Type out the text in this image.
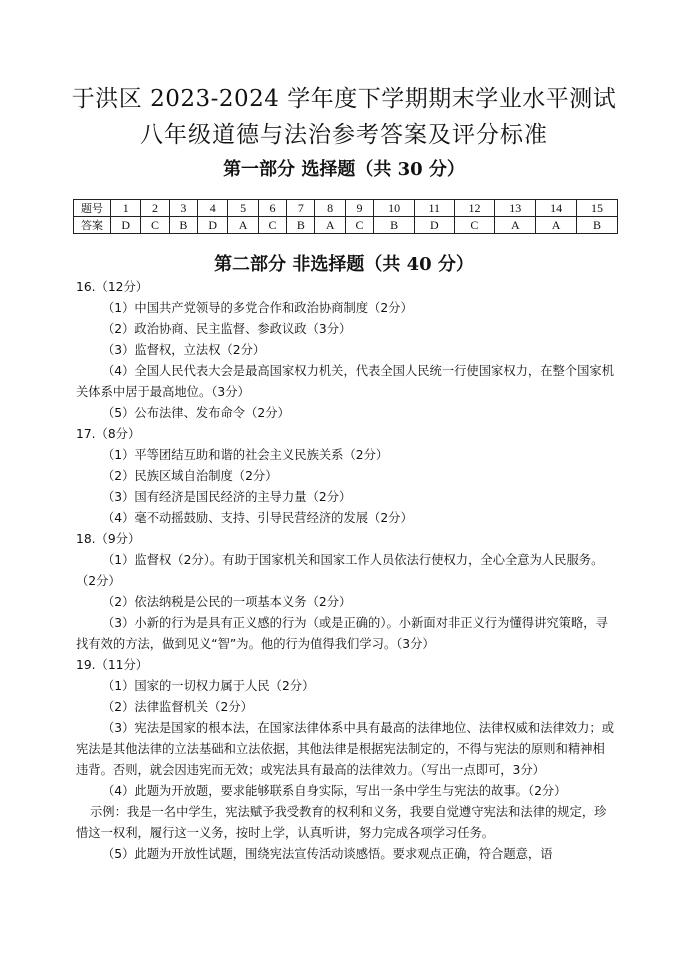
于洪区 2023-2024 学年度下学期期末学业水平测试
八年级道德与法治参考答案及评分标准
第一部分 选择题（共 30 分）
题号	1	2	3	4	5	6	7	8	9	10	11	12	13	14	15
答案	D	C	B	D	A	C	B	A	C	B	D	C	A	A	B
第二部分 非选择题（共 40 分）

16.（12分）

（1）中国共产党领导的多党合作和政治协商制度（2分）

（2）政治协商、民主监督、参政议政（3分）

（3）监督权，立法权（2分）

（4）全国人民代表大会是最高国家权力机关，代表全国人民统一行使国家权力，在整个国家机关体系中居于最高地位。（3分）

（5）公布法律、发布命令（2分）

17.（8分）

（1）平等团结互助和谐的社会主义民族关系（2分）

（2）民族区域自治制度（2分）

（3）国有经济是国民经济的主导力量（2分）

（4）毫不动摇鼓励、支持、引导民营经济的发展（2分）

18.（9分）

（1）监督权（2分）。有助于国家机关和国家工作人员依法行使权力，全心全意为人民服务。（2分）

（2）依法纳税是公民的一项基本义务（2分）

（3）小新的行为是具有正义感的行为（或是正确的）。小新面对非正义行为懂得讲究策略，寻找有效的方法，做到见义“智”为。他的行为值得我们学习。（3分）

19.（11分）

（1）国家的一切权力属于人民（2分）

（2）法律监督机关（2分）

（3）宪法是国家的根本法，在国家法律体系中具有最高的法律地位、法律权威和法律效力；或宪法是其他法律的立法基础和立法依据，其他法律是根据宪法制定的，不得与宪法的原则和精神相违背。否则，就会因违宪而无效；或宪法具有最高的法律效力。（写出一点即可，3分）

（4）此题为开放题，要求能够联系自身实际，写出一条中学生与宪法的故事。（2分）

示例：我是一名中学生，宪法赋予我受教育的权利和义务，我要自觉遵守宪法和法律的规定，珍惜这一权利，履行这一义务，按时上学，认真听讲，努力完成各项学习任务。

（5）此题为开放性试题，围绕宪法宣传活动谈感悟。要求观点正确，符合题意，语
